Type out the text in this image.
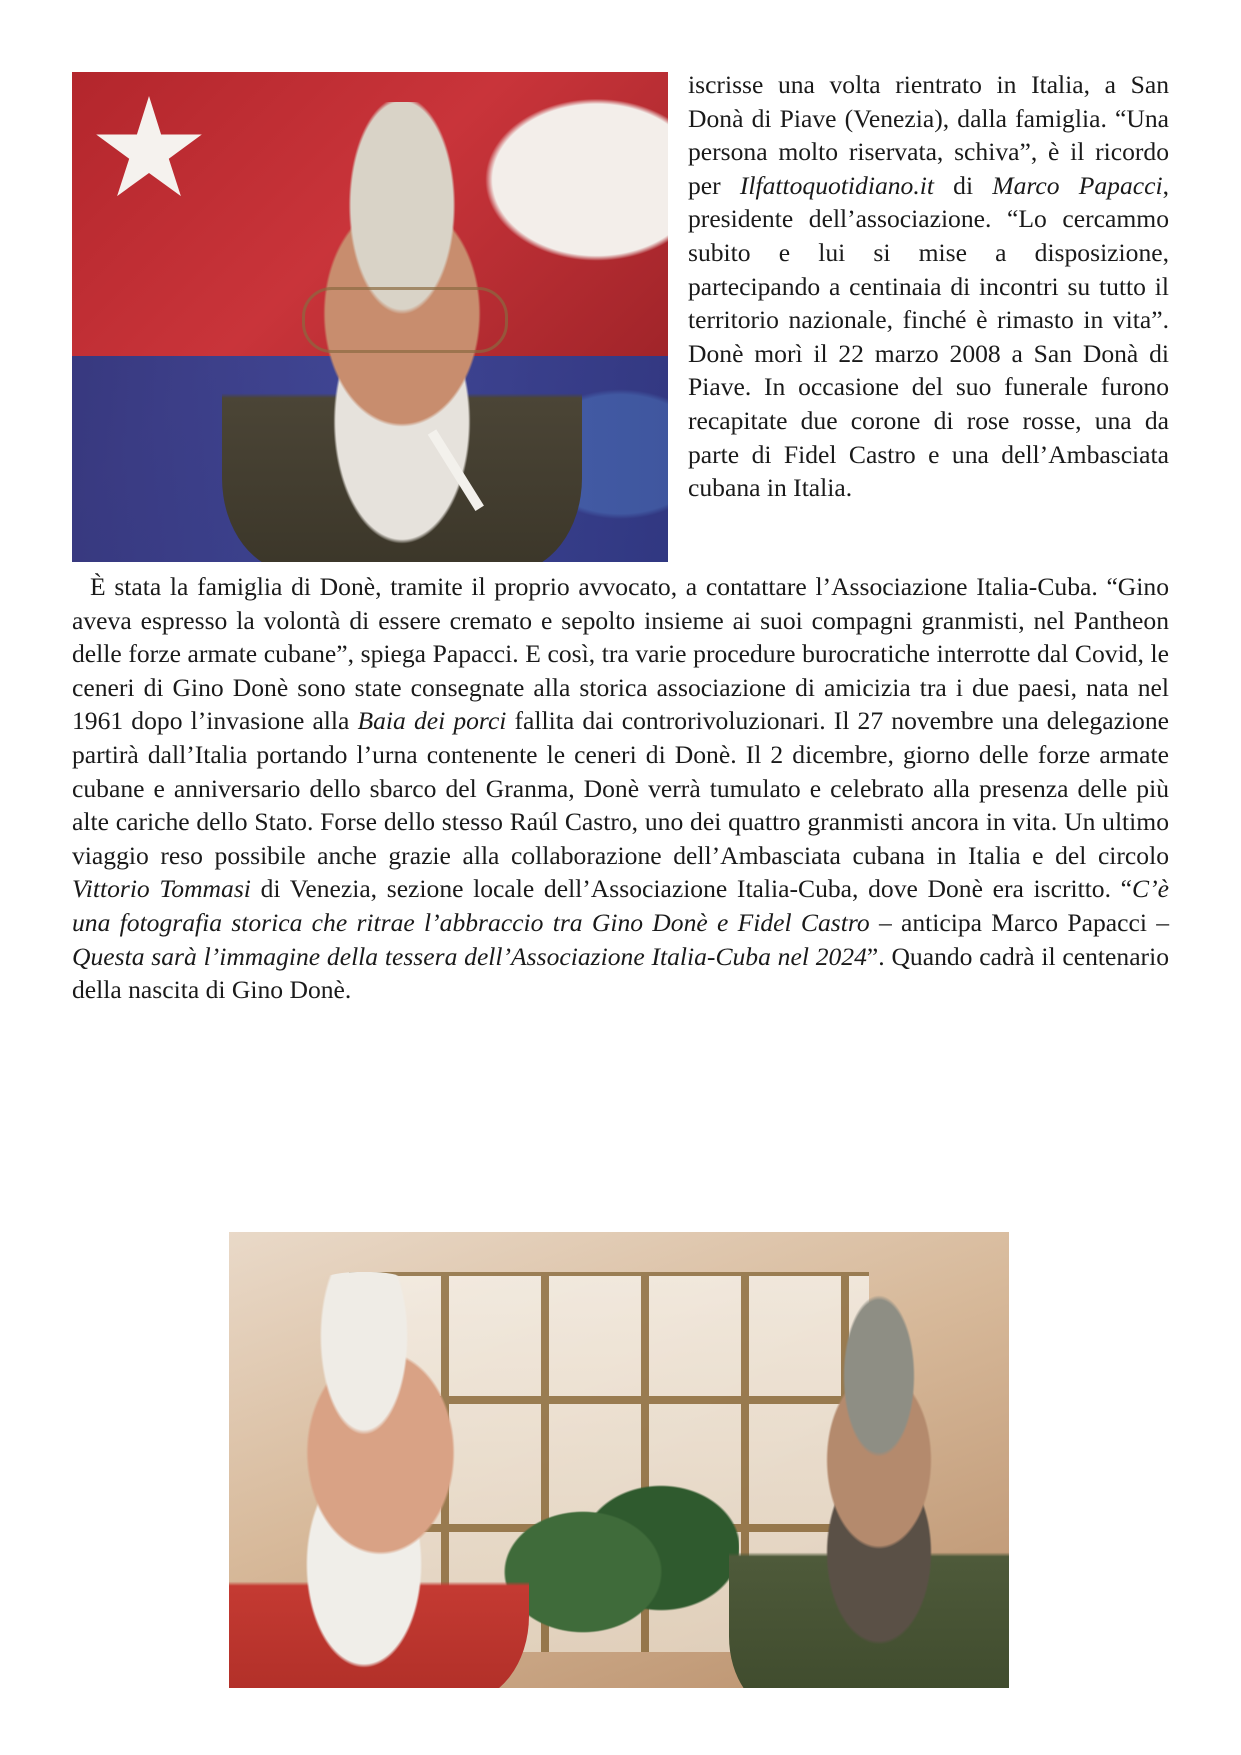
iscrisse una volta rientrato in Italia, a San Donà di Piave (Venezia), dalla famiglia. “Una persona molto riservata, schiva”, è il ricordo per Ilfattoquotidiano.it di Marco Papacci, presidente dell’associazione. “Lo cercammo subito e lui si mise a disposizione, partecipando a centinaia di incontri su tutto il territorio nazionale, finché è rimasto in vita”. Donè morì il 22 marzo 2008 a San Donà di Piave. In occasione del suo funerale furono recapitate due corone di rose rosse, una da parte di Fidel Castro e una dell’Ambasciata cubana in Italia.

È stata la famiglia di Donè, tramite il proprio avvocato, a contattare l’Associazione Italia-Cuba. “Gino aveva espresso la volontà di essere cremato e sepolto insieme ai suoi compagni granmisti, nel Pantheon delle forze armate cubane”, spiega Papacci. E così, tra varie procedure burocratiche interrotte dal Covid, le ceneri di Gino Donè sono state consegnate alla storica associazione di amicizia tra i due paesi, nata nel 1961 dopo l’invasione alla Baia dei porci fallita dai controrivoluzionari. Il 27 novembre una delegazione partirà dall’Italia portando l’urna contenente le ceneri di Donè. Il 2 dicembre, giorno delle forze armate cubane e anniversario dello sbarco del Granma, Donè verrà tumulato e celebrato alla presenza delle più alte cariche dello Stato. Forse dello stesso Raúl Castro, uno dei quattro granmisti ancora in vita. Un ultimo viaggio reso possibile anche grazie alla collaborazione dell’Ambasciata cubana in Italia e del circolo Vittorio Tommasi di Venezia, sezione locale dell’Associazione Italia-Cuba, dove Donè era iscritto. “C’è una fotografia storica che ritrae l’abbraccio tra Gino Donè e Fidel Castro – anticipa Marco Papacci – Questa sarà l’immagine della tessera dell’Associazione Italia-Cuba nel 2024”. Quando cadrà il centenario della nascita di Gino Donè.
